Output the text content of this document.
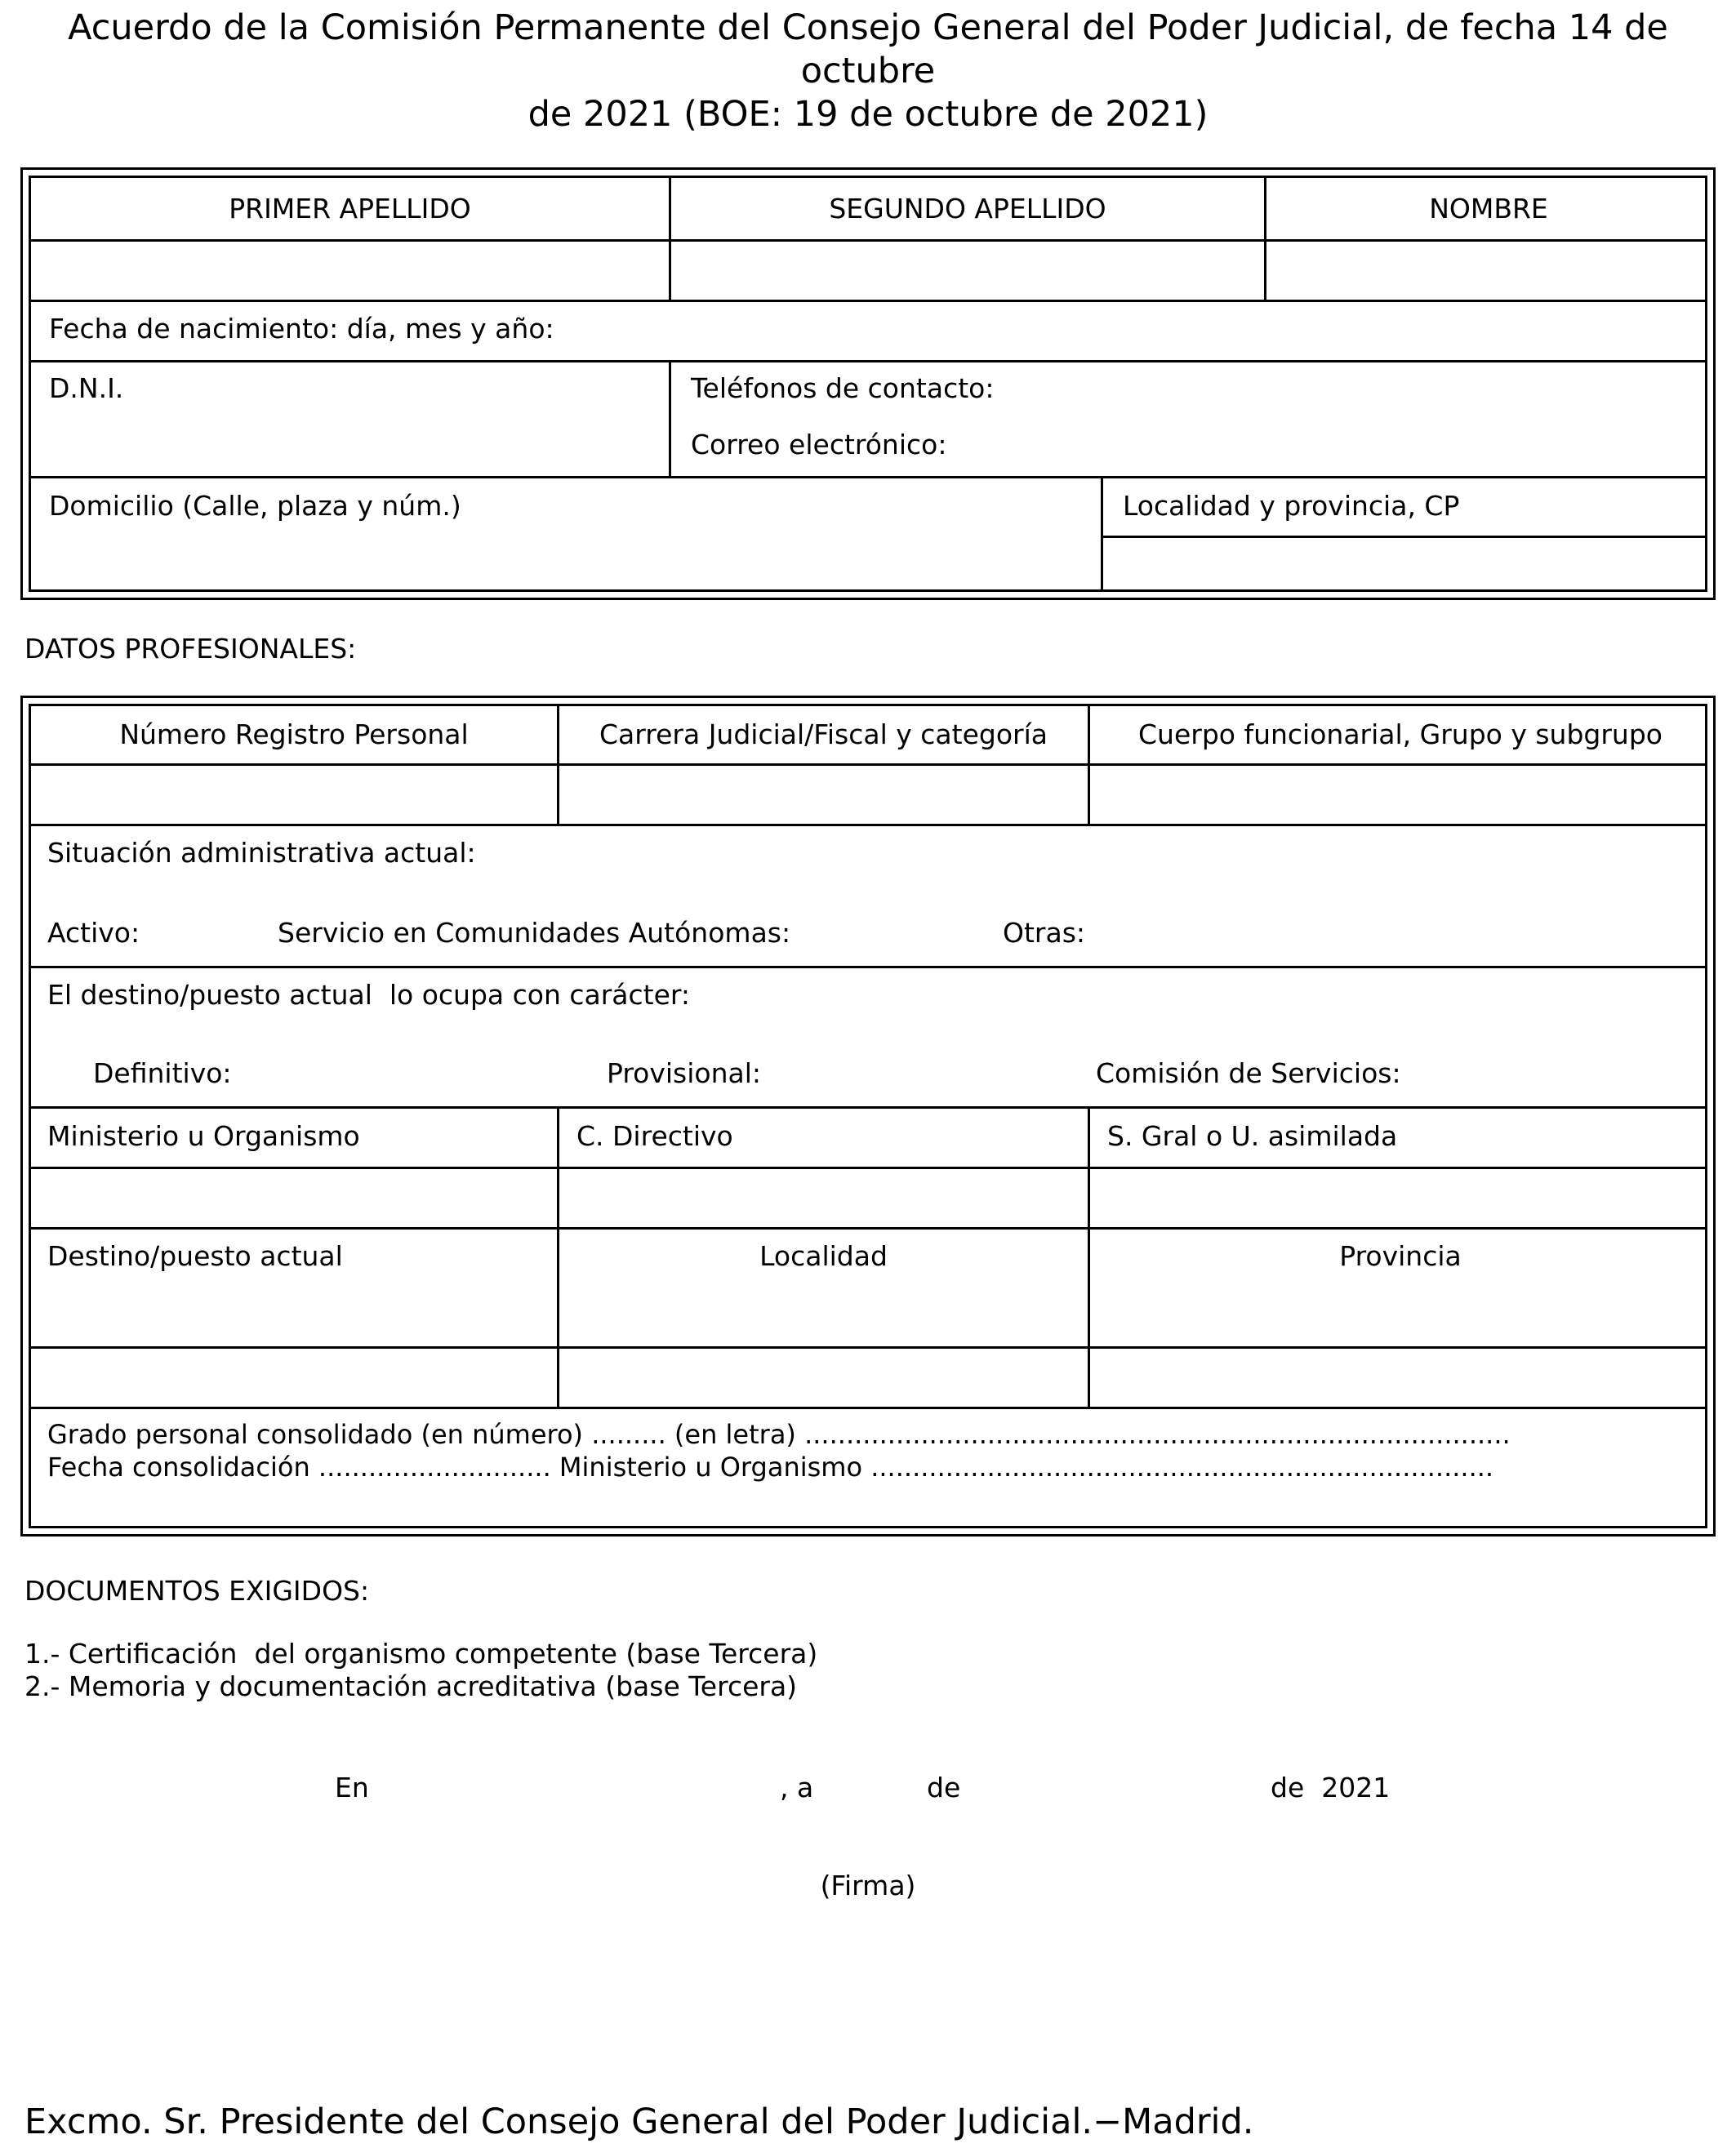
Acuerdo de la Comisión Permanente del Consejo General del Poder Judicial, de fecha 14 de octubre
de 2021 (BOE: 19 de octubre de 2021)
PRIMER APELLIDO	SEGUNDO APELLIDO	NOMBRE
Fecha de nacimiento: día, mes y año:
D.N.I.	Teléfonos de contacto:
Correo electrónico:
Domicilio (Calle, plaza y núm.)	Localidad y provincia, CP
DATOS PROFESIONALES:
Número Registro Personal	Carrera Judicial/Fiscal y categoría	Cuerpo funcionarial, Grupo y subgrupo
Situación administrativa actual:
Activo:	Servicio en Comunidades Autónomas:	Otras:
El destino/puesto actual  lo ocupa con carácter:
Definitivo:	Provisional:	Comisión de Servicios:
Ministerio u Organismo	C. Directivo	S. Gral o U. asimilada
Destino/puesto actual	Localidad	Provincia
Grado personal consolidado (en número) ......... (en letra) .....................................................................................
Fecha consolidación ............................ Ministerio u Organismo ...........................................................................
DOCUMENTOS EXIGIDOS:
1.- Certificación  del organismo competente (base Tercera)
2.- Memoria y documentación acreditativa (base Tercera)
En	, a	de	de  2021
(Firma)
Excmo. Sr. Presidente del Consejo General del Poder Judicial.−Madrid.
